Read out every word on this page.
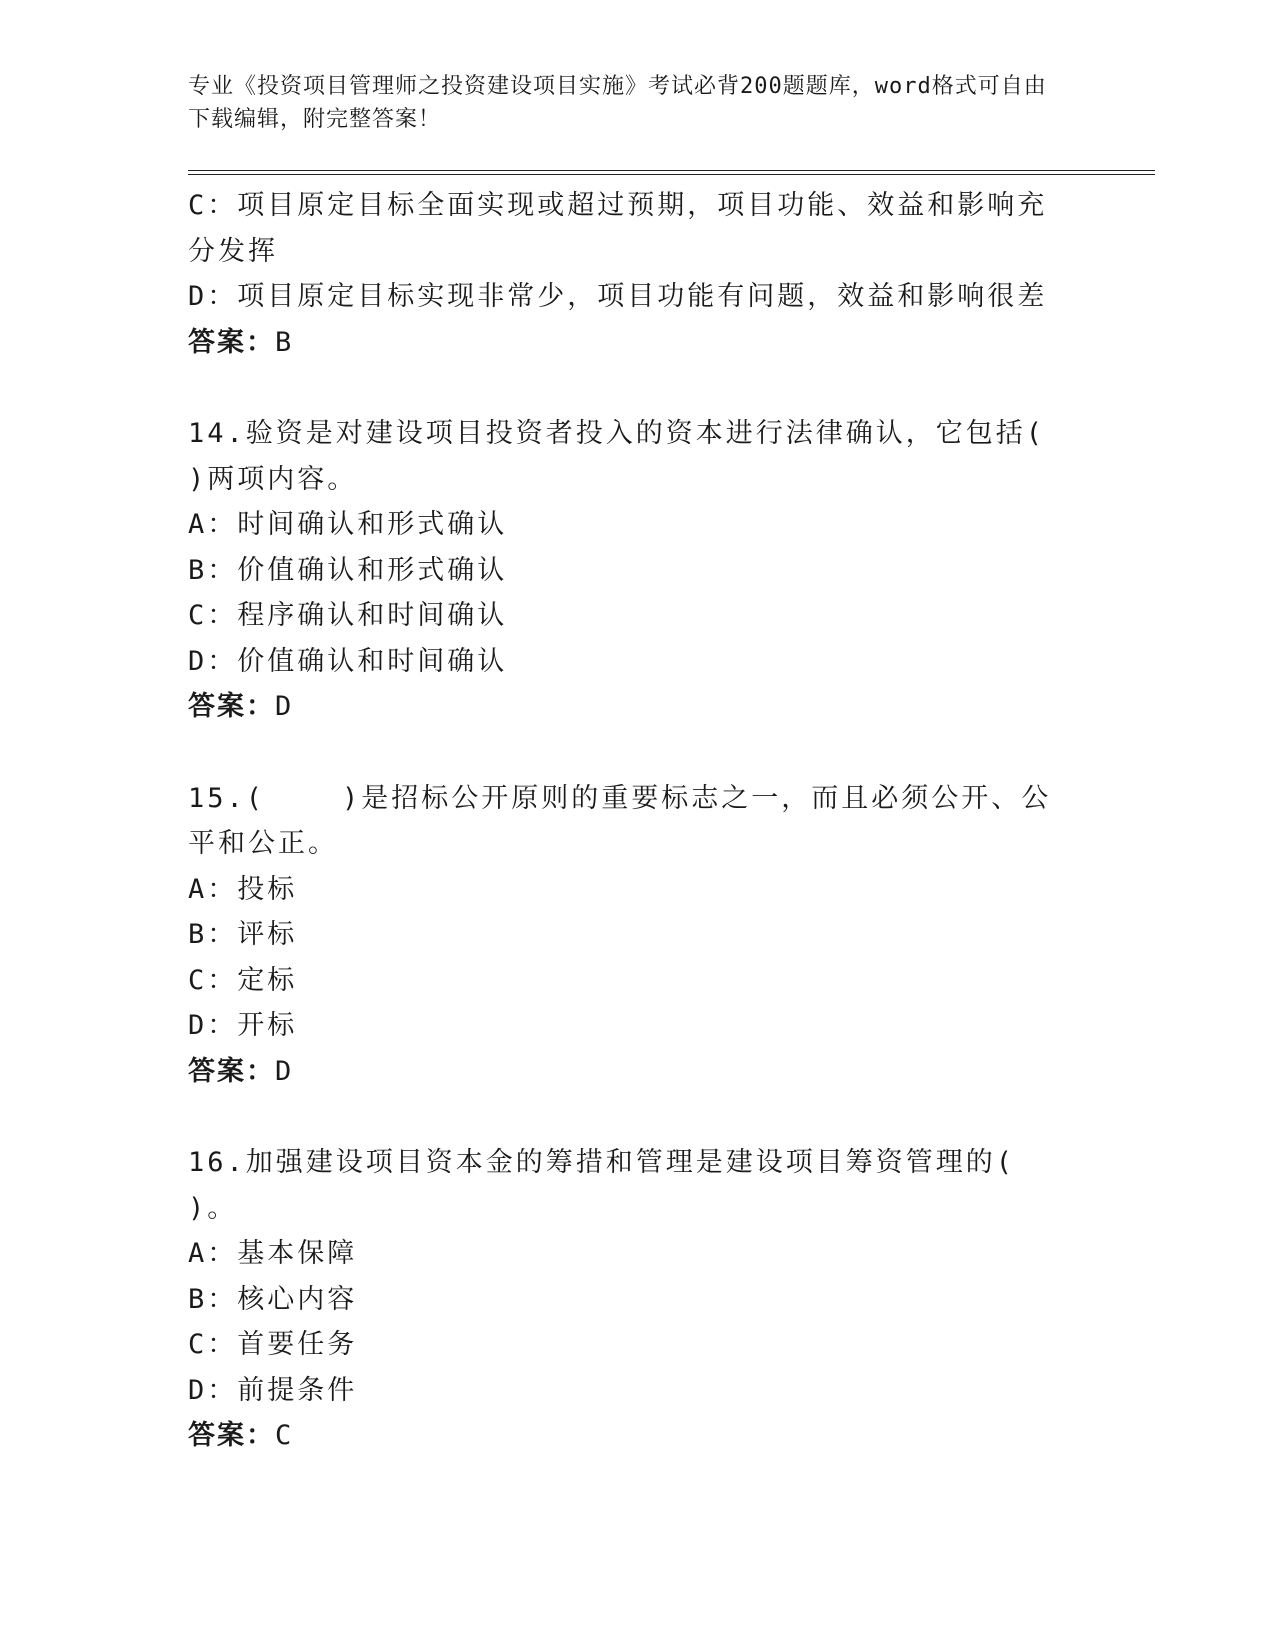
专业《投资项目管理师之投资建设项目实施》考试必背200题题库，word格式可自由下载编辑，附完整答案！

C：项目原定目标全面实现或超过预期，项目功能、效益和影响充分发挥

D：项目原定目标实现非常少，项目功能有问题，效益和影响很差

答案：B

14.验资是对建设项目投资者投入的资本进行法律确认，它包括(    )两项内容。

A：时间确认和形式确认

B：价值确认和形式确认

C：程序确认和时间确认

D：价值确认和时间确认

答案：D

15.(    )是招标公开原则的重要标志之一，而且必须公开、公平和公正。

A：投标

B：评标

C：定标

D：开标

答案：D

16.加强建设项目资本金的筹措和管理是建设项目筹资管理的(    )。

A：基本保障

B：核心内容

C：首要任务

D：前提条件

答案：C
